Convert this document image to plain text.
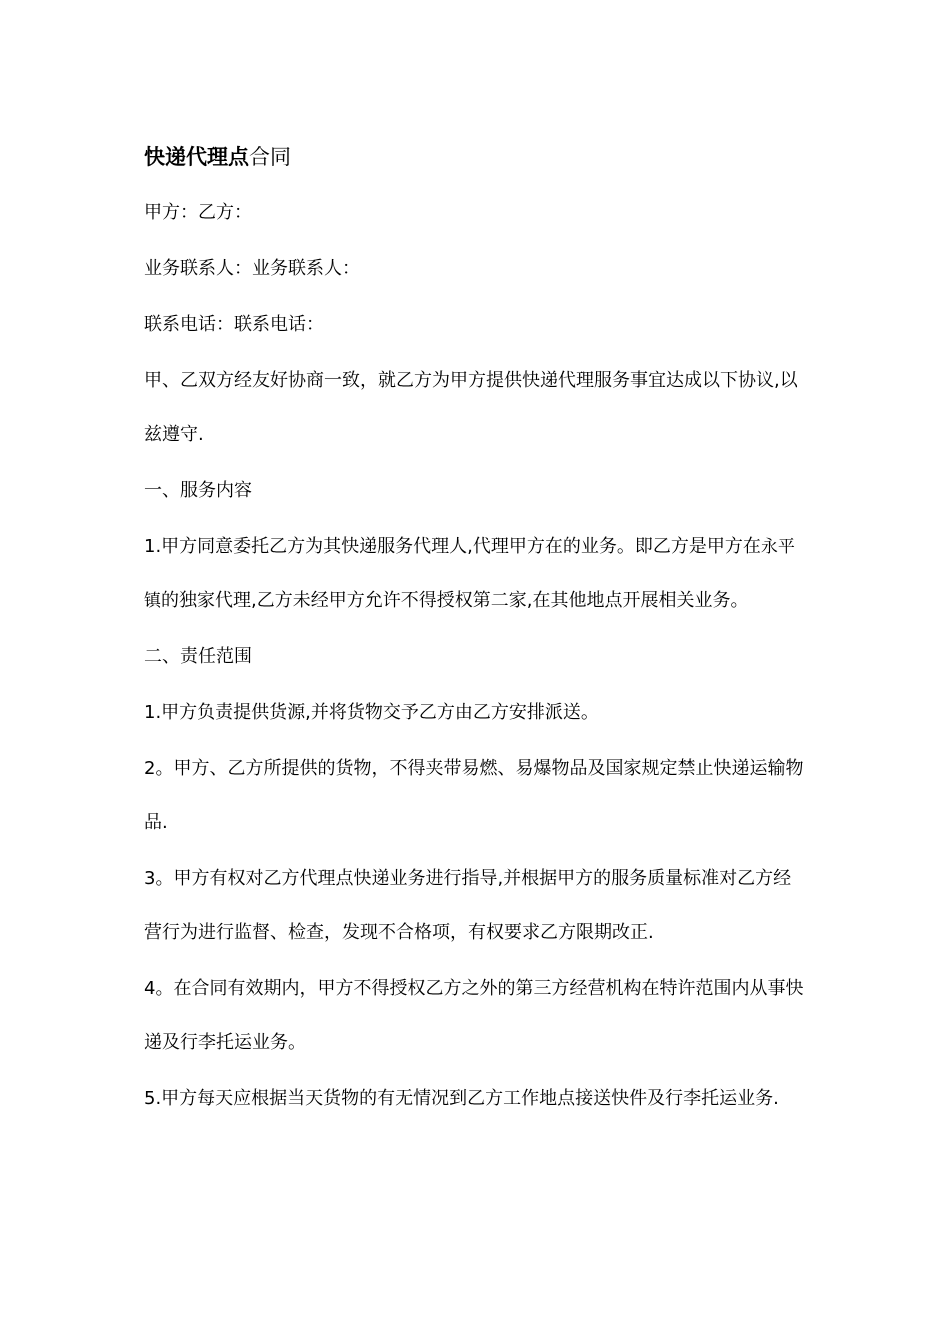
快递代理点合同

甲方：乙方：

业务联系人：业务联系人：

联系电话：联系电话：

甲、乙双方经友好协商一致，就乙方为甲方提供快递代理服务事宜达成以下协议,以兹遵守.

一、服务内容

1.甲方同意委托乙方为其快递服务代理人,代理甲方在的业务。即乙方是甲方在永平镇的独家代理,乙方未经甲方允许不得授权第二家,在其他地点开展相关业务。

二、责任范围

1.甲方负责提供货源,并将货物交予乙方由乙方安排派送。

2。甲方、乙方所提供的货物，不得夹带易燃、易爆物品及国家规定禁止快递运输物品.

3。甲方有权对乙方代理点快递业务进行指导,并根据甲方的服务质量标准对乙方经营行为进行监督、检查，发现不合格项，有权要求乙方限期改正.

4。在合同有效期内，甲方不得授权乙方之外的第三方经营机构在特许范围内从事快递及行李托运业务。

5.甲方每天应根据当天货物的有无情况到乙方工作地点接送快件及行李托运业务.
